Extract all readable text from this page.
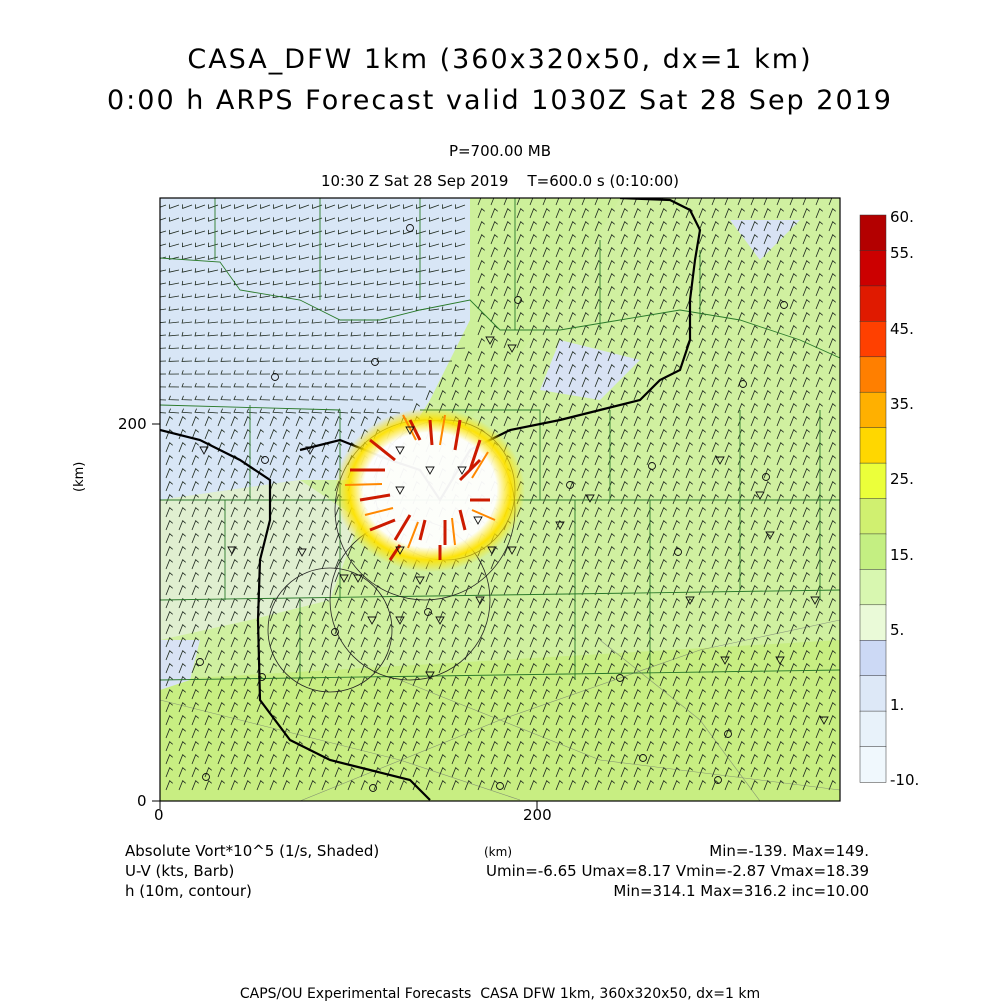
CASA_DFW 1km (360x320x50, dx=1 km)
0:00 h ARPS Forecast valid 1030Z Sat 28 Sep 2019
P=700.00 MB
10:30 Z Sat 28 Sep 2019    T=600.0 s (0:10:00)
0	200
0
200
(km)
60.
55.
45.
35.
25.
15.
5.
1.
-10.
Absolute Vort*10^5 (1/s, Shaded)
U-V (kts, Barb)
h (10m, contour)
(km)	Min=-139. Max=149.
Umin=-6.65 Umax=8.17 Vmin=-2.87 Vmax=18.39
Min=314.1 Max=316.2 inc=10.00
CAPS/OU Experimental Forecasts  CASA DFW 1km, 360x320x50, dx=1 km
